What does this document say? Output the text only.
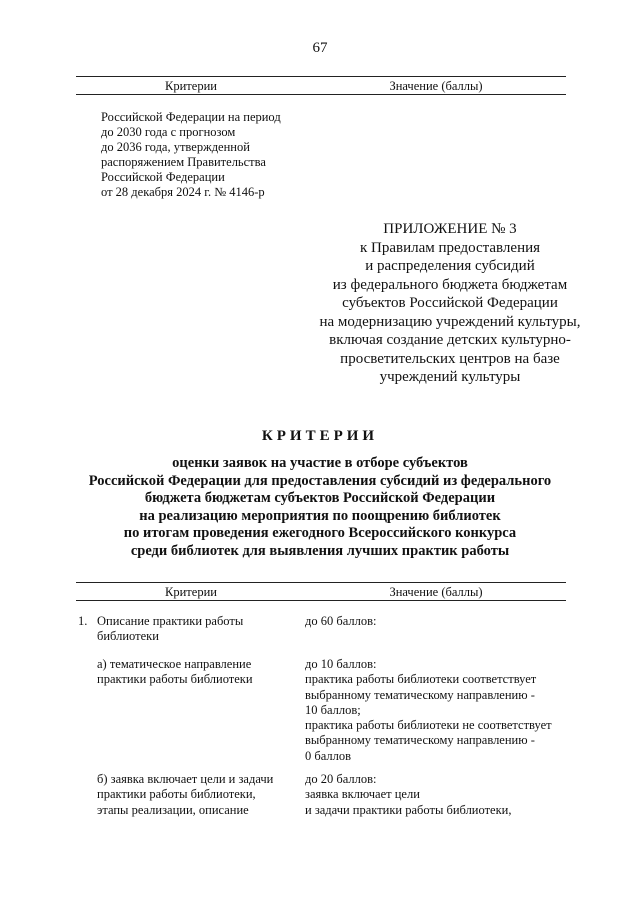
67
Критерии	Значение (баллы)
Российской Федерации на период
до 2030 года с прогнозом
до 2036 года, утвержденной
распоряжением Правительства
Российской Федерации
от 28 декабря 2024 г. № 4146-р
ПРИЛОЖЕНИЕ № 3
к Правилам предоставления
и распределения субсидий
из федерального бюджета бюджетам
субъектов Российской Федерации
на модернизацию учреждений культуры,
включая создание детских культурно-
просветительских центров на базе
учреждений культуры
КРИТЕРИИ
оценки заявок на участие в отборе субъектов
Российской Федерации для предоставления субсидий из федерального
бюджета бюджетам субъектов Российской Федерации
на реализацию мероприятия по поощрению библиотек
по итогам проведения ежегодного Всероссийского конкурса
среди библиотек для выявления лучших практик работы
Критерии	Значение (баллы)
1. Описание практики работы
библиотеки
до 60 баллов:
а) тематическое направление
практики работы библиотеки
до 10 баллов:
практика работы библиотеки соответствует
выбранному тематическому направлению -
10 баллов;
практика работы библиотеки не соответствует
выбранному тематическому направлению -
0 баллов
б) заявка включает цели и задачи
практики работы библиотеки,
этапы реализации, описание
до 20 баллов:
заявка включает цели
и задачи практики работы библиотеки,
